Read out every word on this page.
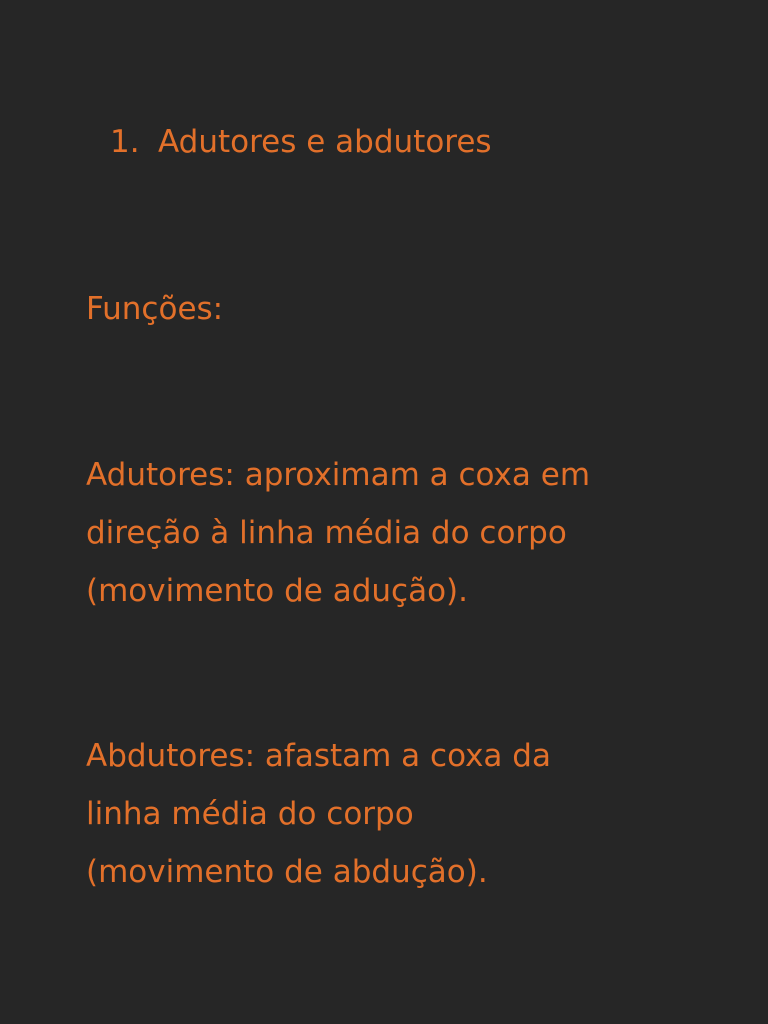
1. Adutores e abdutores

Funções:

Adutores: aproximam a coxa em
direção à linha média do corpo
(movimento de adução).

Abdutores: afastam a coxa da
linha média do corpo
(movimento de abdução).
